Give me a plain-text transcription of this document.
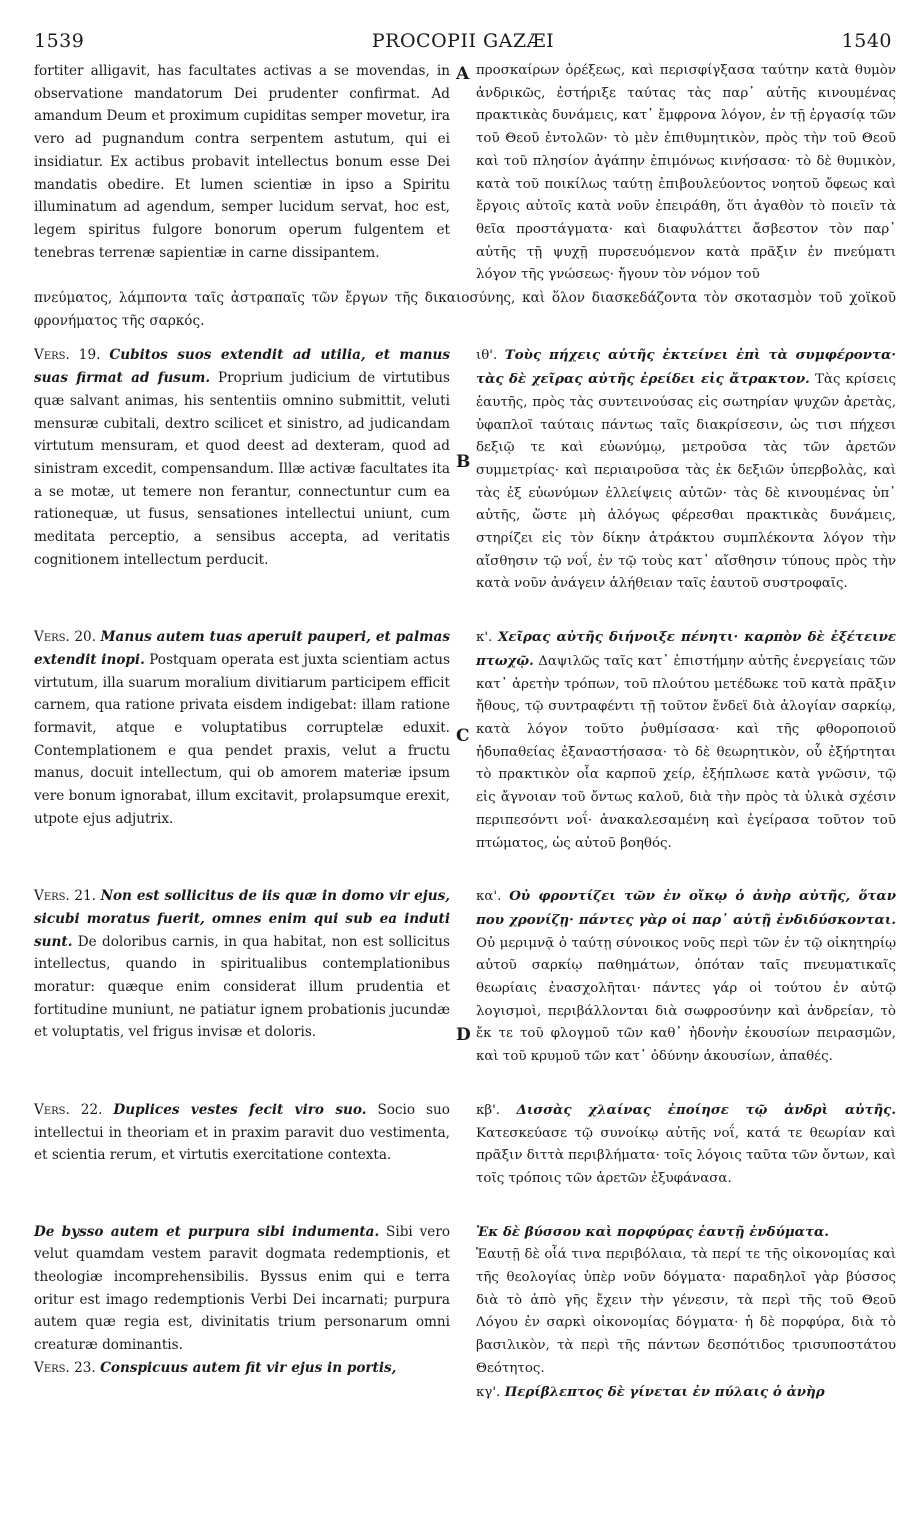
1539	PROCOPII GAZÆI	1540
A

fortiter alligavit, has facultates activas a se movendas, in observatione mandatorum Dei prudenter confirmat. Ad amandum Deum et proximum cupiditas semper movetur, ira vero ad pugnandum contra serpentem astutum, qui ei insidiatur. Ex actibus probavit intellectus bonum esse Dei mandatis obedire. Et lumen scientiæ in ipso a Spiritu illuminatum ad agendum, semper lucidum servat, hoc est, legem spiritus fulgore bonorum operum fulgentem et tenebras terrenæ sapientiæ in carne dissipantem.

προσκαίρων ὀρέξεως, καὶ περισφίγξασα ταύτην κατὰ θυμὸν ἀνδρικῶς, ἐστήριξε ταύτας τὰς παρ᾽ αὐτῆς κινουμένας πρακτικὰς δυνάμεις, κατ᾽ ἔμφρονα λόγον, ἐν τῇ ἐργασίᾳ τῶν τοῦ Θεοῦ ἐντολῶν· τὸ μὲν ἐπιθυμητικὸν, πρὸς τὴν τοῦ Θεοῦ καὶ τοῦ πλησίον ἀγάπην ἐπιμόνως κινήσασα· τὸ δὲ θυμικὸν, κατὰ τοῦ ποικίλως ταύτῃ ἐπιβουλεύοντος νοητοῦ ὄφεως καὶ ἔργοις αὐτοῖς κατὰ νοῦν ἐπειράθη, ὅτι ἀγαθὸν τὸ ποιεῖν τὰ θεῖα προστάγματα· καὶ διαφυλάττει ἄσβεστον τὸν παρ᾽ αὐτῆς τῇ ψυχῇ πυρσευόμενον κατὰ πρᾶξιν ἐν πνεύματι λόγον τῆς γνώσεως· ἤγουν τὸν νόμον τοῦ

πνεύματος, λάμποντα ταῖς ἀστραπαῖς τῶν ἔργων τῆς δικαιοσύνης, καὶ ὅλον διασκεδάζοντα τὸν σκοτασμὸν τοῦ χοϊκοῦ φρονήματος τῆς σαρκός.

B

Vers. 19. Cubitos suos extendit ad utilia, et manus suas firmat ad fusum. Proprium judicium de virtutibus quæ salvant animas, his sententiis omnino submittit, veluti mensuræ cubitali, dextro scilicet et sinistro, ad judicandam virtutum mensuram, et quod deest ad dexteram, quod ad sinistram excedit, compensandum. Illæ activæ facultates ita a se motæ, ut temere non ferantur, connectuntur cum ea rationequæ, ut fusus, sensationes intellectui uniunt, cum meditata perceptio, a sensibus accepta, ad veritatis cognitionem intellectum perducit.

ιθ'. Τοὺς πήχεις αὐτῆς ἐκτείνει ἐπὶ τὰ συμφέροντα· τὰς δὲ χεῖρας αὐτῆς ἐρείδει εἰς ἄτρακτον. Τὰς κρίσεις ἑαυτῆς, πρὸς τὰς συντεινούσας εἰς σωτηρίαν ψυχῶν ἀρετὰς, ὑφαπλοῖ ταύταις πάντως ταῖς διακρίσεσιν, ὡς τισι πήχεσι δεξιῷ τε καὶ εὐωνύμῳ, μετροῦσα τὰς τῶν ἀρετῶν συμμετρίας· καὶ περιαιροῦσα τὰς ἐκ δεξιῶν ὑπερβολὰς, καὶ τὰς ἐξ εὐωνύμων ἐλλείψεις αὐτῶν· τὰς δὲ κινουμένας ὑπ᾽ αὐτῆς, ὥστε μὴ ἀλόγως φέρεσθαι πρακτικὰς δυνάμεις, στηρίζει εἰς τὸν δίκην ἀτράκτου συμπλέκοντα λόγον τὴν αἴσθησιν τῷ νοΐ, ἐν τῷ τοὺς κατ᾽ αἴσθησιν τύπους πρὸς τὴν κατὰ νοῦν ἀνάγειν ἀλήθειαν ταῖς ἑαυτοῦ συστροφαῖς.

C

Vers. 20. Manus autem tuas aperuit pauperi, et palmas extendit inopi. Postquam operata est juxta scientiam actus virtutum, illa suarum moralium divitiarum participem efficit carnem, qua ratione privata eisdem indigebat: illam ratione formavit, atque e voluptatibus corruptelæ eduxit. Contemplationem e qua pendet praxis, velut a fructu manus, docuit intellectum, qui ob amorem materiæ ipsum vere bonum ignorabat, illum excitavit, prolapsumque erexit, utpote ejus adjutrix.

κ'. Χεῖρας αὐτῆς διήνοιξε πένητι· καρπὸν δὲ ἐξέτεινε πτωχῷ. Δαψιλῶς ταῖς κατ᾽ ἐπιστήμην αὐτῆς ἐνεργείαις τῶν κατ᾽ ἀρετὴν τρόπων, τοῦ πλούτου μετέδωκε τοῦ κατὰ πρᾶξιν ἤθους, τῷ συντραφέντι τῇ τοῦτον ἔνδεϊ διὰ ἀλογίαν σαρκίῳ, κατὰ λόγον τοῦτο ῥυθμίσασα· καὶ τῆς φθοροποιοῦ ἡδυπαθείας ἐξαναστήσασα· τὸ δὲ θεωρητικὸν, οὗ ἐξήρτηται τὸ πρακτικὸν οἷα καρποῦ χείρ, ἐξήπλωσε κατὰ γνῶσιν, τῷ εἰς ἄγνοιαν τοῦ ὄντως καλοῦ, διὰ τὴν πρὸς τὰ ὑλικὰ σχέσιν περιπεσόντι νοΐ· ἀνακαλεσαμένη καὶ ἐγείρασα τοῦτον τοῦ πτώματος, ὡς αὐτοῦ βοηθός.

D

Vers. 21. Non est sollicitus de iis quæ in domo vir ejus, sicubi moratus fuerit, omnes enim qui sub ea induti sunt. De doloribus carnis, in qua habitat, non est sollicitus intellectus, quando in spiritualibus contemplationibus moratur: quæque enim considerat illum prudentia et fortitudine muniunt, ne patiatur ignem probationis jucundæ et voluptatis, vel frigus invisæ et doloris.

κα'. Οὐ φροντίζει τῶν ἐν οἴκῳ ὁ ἀνὴρ αὐτῆς, ὅταν που χρονίζῃ· πάντες γὰρ οἱ παρ᾽ αὐτῇ ἐνδιδύσκονται. Οὐ μεριμνᾷ ὁ ταύτῃ σύνοικος νοῦς περὶ τῶν ἐν τῷ οἰκητηρίῳ αὐτοῦ σαρκίῳ παθημάτων, ὁπόταν ταῖς πνευματικαῖς θεωρίαις ἐνασχολῆται· πάντες γάρ οἱ τούτου ἐν αὐτῷ λογισμοὶ, περιβάλλονται διὰ σωφροσύνην καὶ ἀνδρείαν, τὸ ἔκ τε τοῦ φλογμοῦ τῶν καθ᾽ ἡδονὴν ἑκουσίων πειρασμῶν, καὶ τοῦ κρυμοῦ τῶν κατ᾽ ὀδύνην ἀκουσίων, ἀπαθές.

Vers. 22. Duplices vestes fecit viro suo. Socio suo intellectui in theoriam et in praxim paravit duo vestimenta, et scientia rerum, et virtutis exercitatione contexta.

κβ'. Δισσὰς χλαίνας ἐποίησε τῷ ἀνδρὶ αὐτῆς. Κατεσκεύασε τῷ συνοίκῳ αὐτῆς νοΐ, κατά τε θεωρίαν καὶ πρᾶξιν διττὰ περιβλήματα· τοῖς λόγοις ταῦτα τῶν ὄντων, καὶ τοῖς τρόποις τῶν ἀρετῶν ἐξυφάνασα.

De bysso autem et purpura sibi indumenta. Sibi vero velut quamdam vestem paravit dogmata redemptionis, et theologiæ incomprehensibilis. Byssus enim qui e terra oritur est imago redemptionis Verbi Dei incarnati; purpura autem quæ regia est, divinitatis trium personarum omni creaturæ dominantis.

Vers. 23. Conspicuus autem fit vir ejus in portis,

Ἐκ δὲ βύσσου καὶ πορφύρας ἑαυτῇ ἐνδύματα.

Ἑαυτῇ δὲ οἷά τινα περιβόλαια, τὰ περί τε τῆς οἰκονομίας καὶ τῆς θεολογίας ὑπὲρ νοῦν δόγματα· παραδηλοῖ γὰρ βύσσος διὰ τὸ ἀπὸ γῆς ἔχειν τὴν γένεσιν, τὰ περὶ τῆς τοῦ Θεοῦ Λόγου ἐν σαρκὶ οἰκονομίας δόγματα· ἡ δὲ πορφύρα, διὰ τὸ βασιλικὸν, τὰ περὶ τῆς πάντων δεσπότιδος τρισυποστάτου Θεότητος.

κγ'. Περίβλεπτος δὲ γίνεται ἐν πύλαις ὁ ἀνὴρ
